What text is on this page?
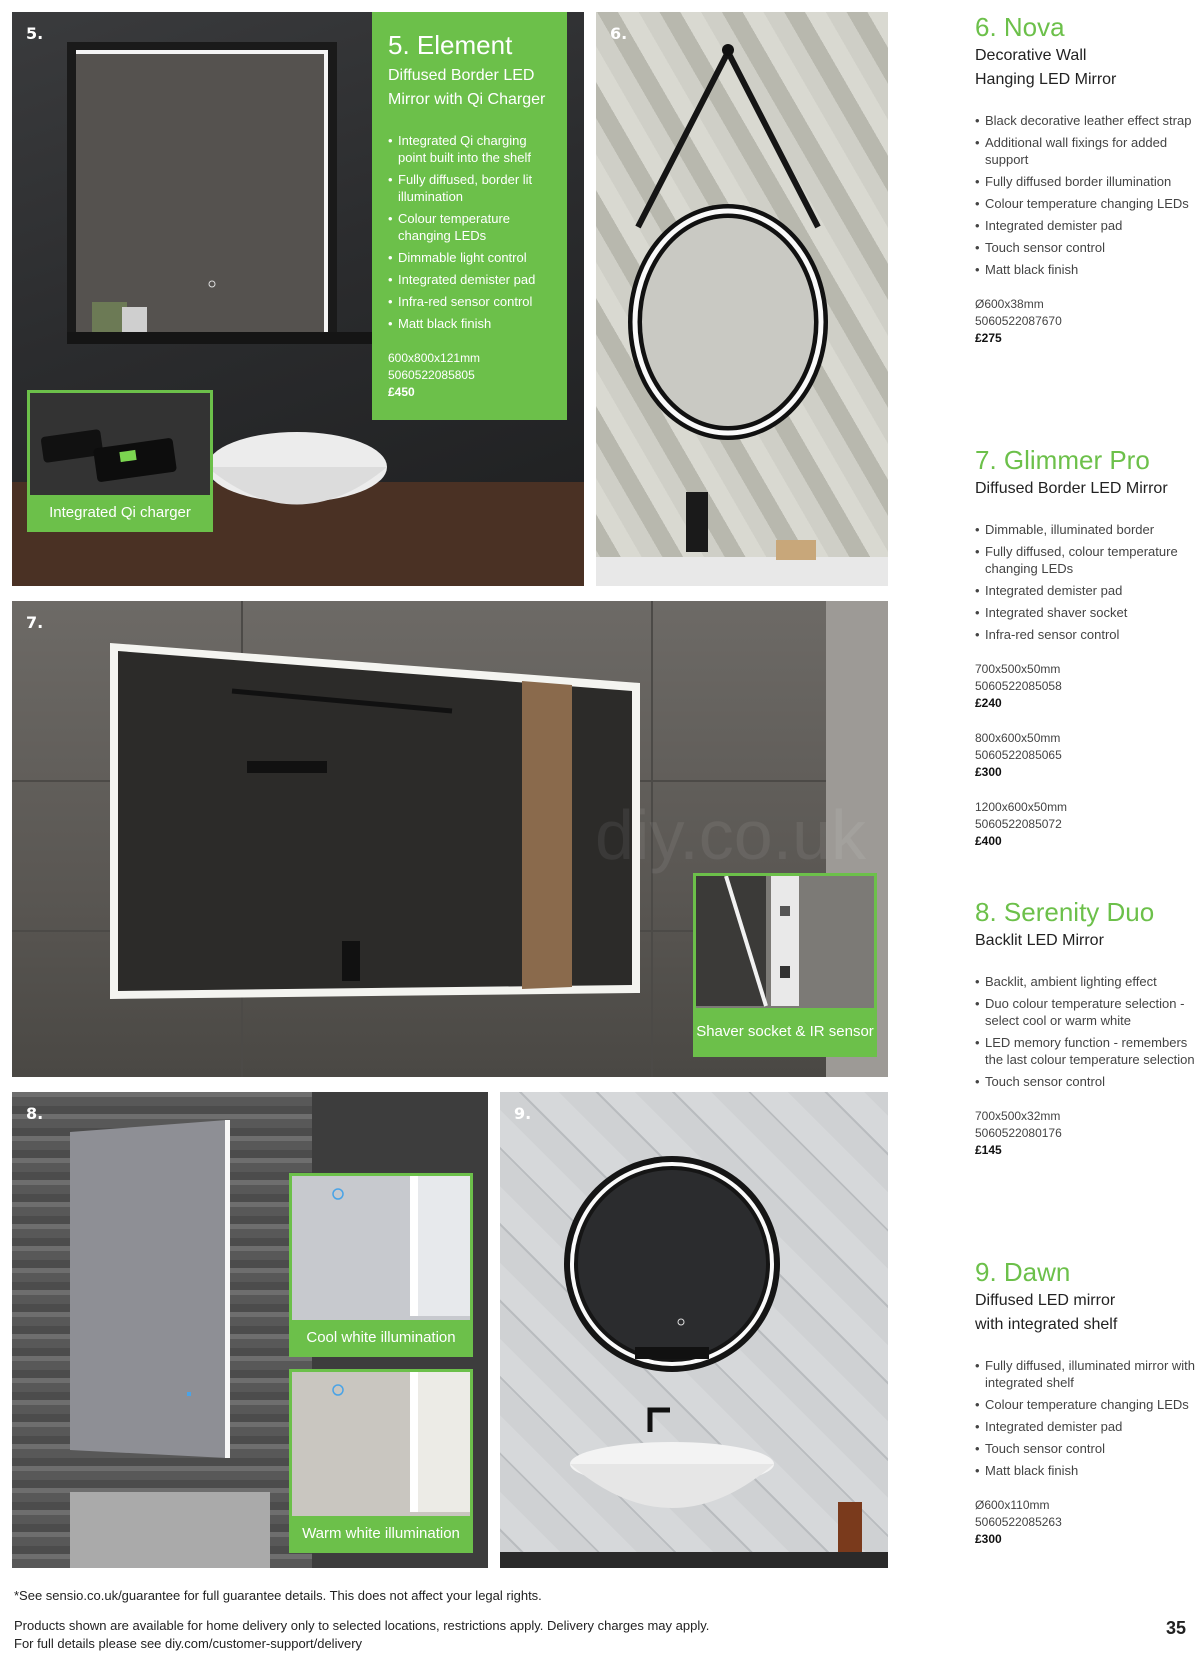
5.	5. Element
Diffused Border LED Mirror with Qi Charger
• Integrated Qi charging point built into the shelf
• Fully diffused, border lit illumination
• Colour temperature changing LEDs
• Dimmable light control
• Integrated demister pad
• Infra-red sensor control
• Matt black finish
600x800x121mm
5060522085805
£450
Integrated Qi charger
6.
7.
Shaver socket & IR sensor
diy.co.uk
8.
Cool white illumination
Warm white illumination
9.
6. Nova
Decorative Wall Hanging LED Mirror
• Black decorative leather effect strap
• Additional wall fixings for added support
• Fully diffused border illumination
• Colour temperature changing LEDs
• Integrated demister pad
• Touch sensor control
• Matt black finish
Ø600x38mm
5060522087670
£275
7. Glimmer Pro
Diffused Border LED Mirror
• Dimmable, illuminated border
• Fully diffused, colour temperature changing LEDs
• Integrated demister pad
• Integrated shaver socket
• Infra-red sensor control
700x500x50mm
5060522085058
£240
800x600x50mm
5060522085065
£300
1200x600x50mm
5060522085072
£400
8. Serenity Duo
Backlit LED Mirror
• Backlit, ambient lighting effect
• Duo colour temperature selection - select cool or warm white
• LED memory function - remembers the last colour temperature selection
• Touch sensor control
700x500x32mm
5060522080176
£145
9. Dawn
Diffused LED mirror with integrated shelf
• Fully diffused, illuminated mirror with integrated shelf
• Colour temperature changing LEDs
• Integrated demister pad
• Touch sensor control
• Matt black finish
Ø600x110mm
5060522085263
£300
*See sensio.co.uk/guarantee for full guarantee details. This does not affect your legal rights.
Products shown are available for home delivery only to selected locations, restrictions apply. Delivery charges may apply.
For full details please see diy.com/customer-support/delivery
35
